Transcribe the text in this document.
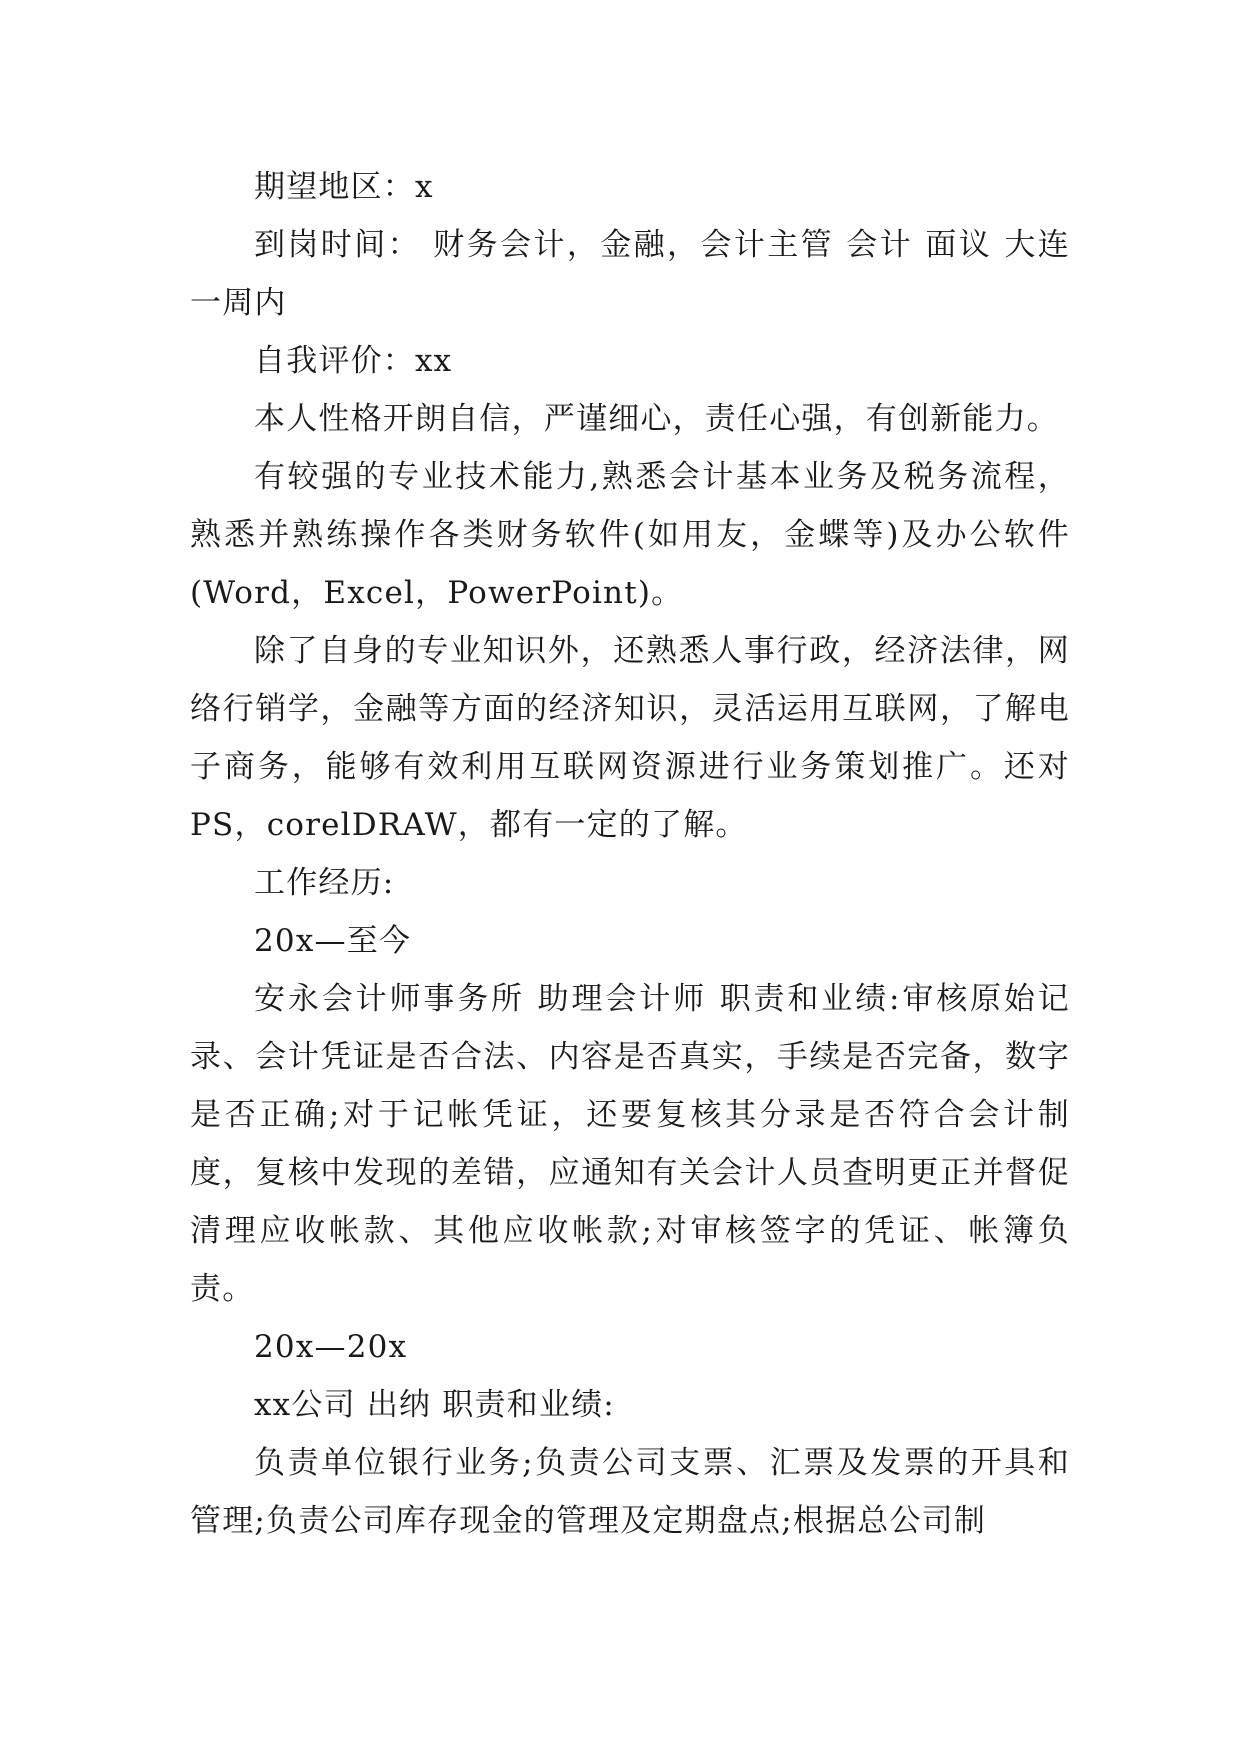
期望地区：x

到岗时间： 财务会计，金融，会计主管 会计 面议 大连 一周内

自我评价：xx

本人性格开朗自信，严谨细心，责任心强，有创新能力。

有较强的专业技术能力,熟悉会计基本业务及税务流程，熟悉并熟练操作各类财务软件(如用友，金蝶等)及办公软件(Word，Excel，PowerPoint)。

除了自身的专业知识外，还熟悉人事行政，经济法律，网络行销学，金融等方面的经济知识，灵活运用互联网，了解电子商务，能够有效利用互联网资源进行业务策划推广。还对PS，corelDRAW，都有一定的了解。

工作经历:

20x—至今

安永会计师事务所 助理会计师 职责和业绩:审核原始记录、会计凭证是否合法、内容是否真实，手续是否完备，数字是否正确;对于记帐凭证，还要复核其分录是否符合会计制度，复核中发现的差错，应通知有关会计人员查明更正并督促清理应收帐款、其他应收帐款;对审核签字的凭证、帐簿负责。

20x—20x

xx公司 出纳 职责和业绩:

负责单位银行业务;负责公司支票、汇票及发票的开具和管理;负责公司库存现金的管理及定期盘点;根据总公司制
